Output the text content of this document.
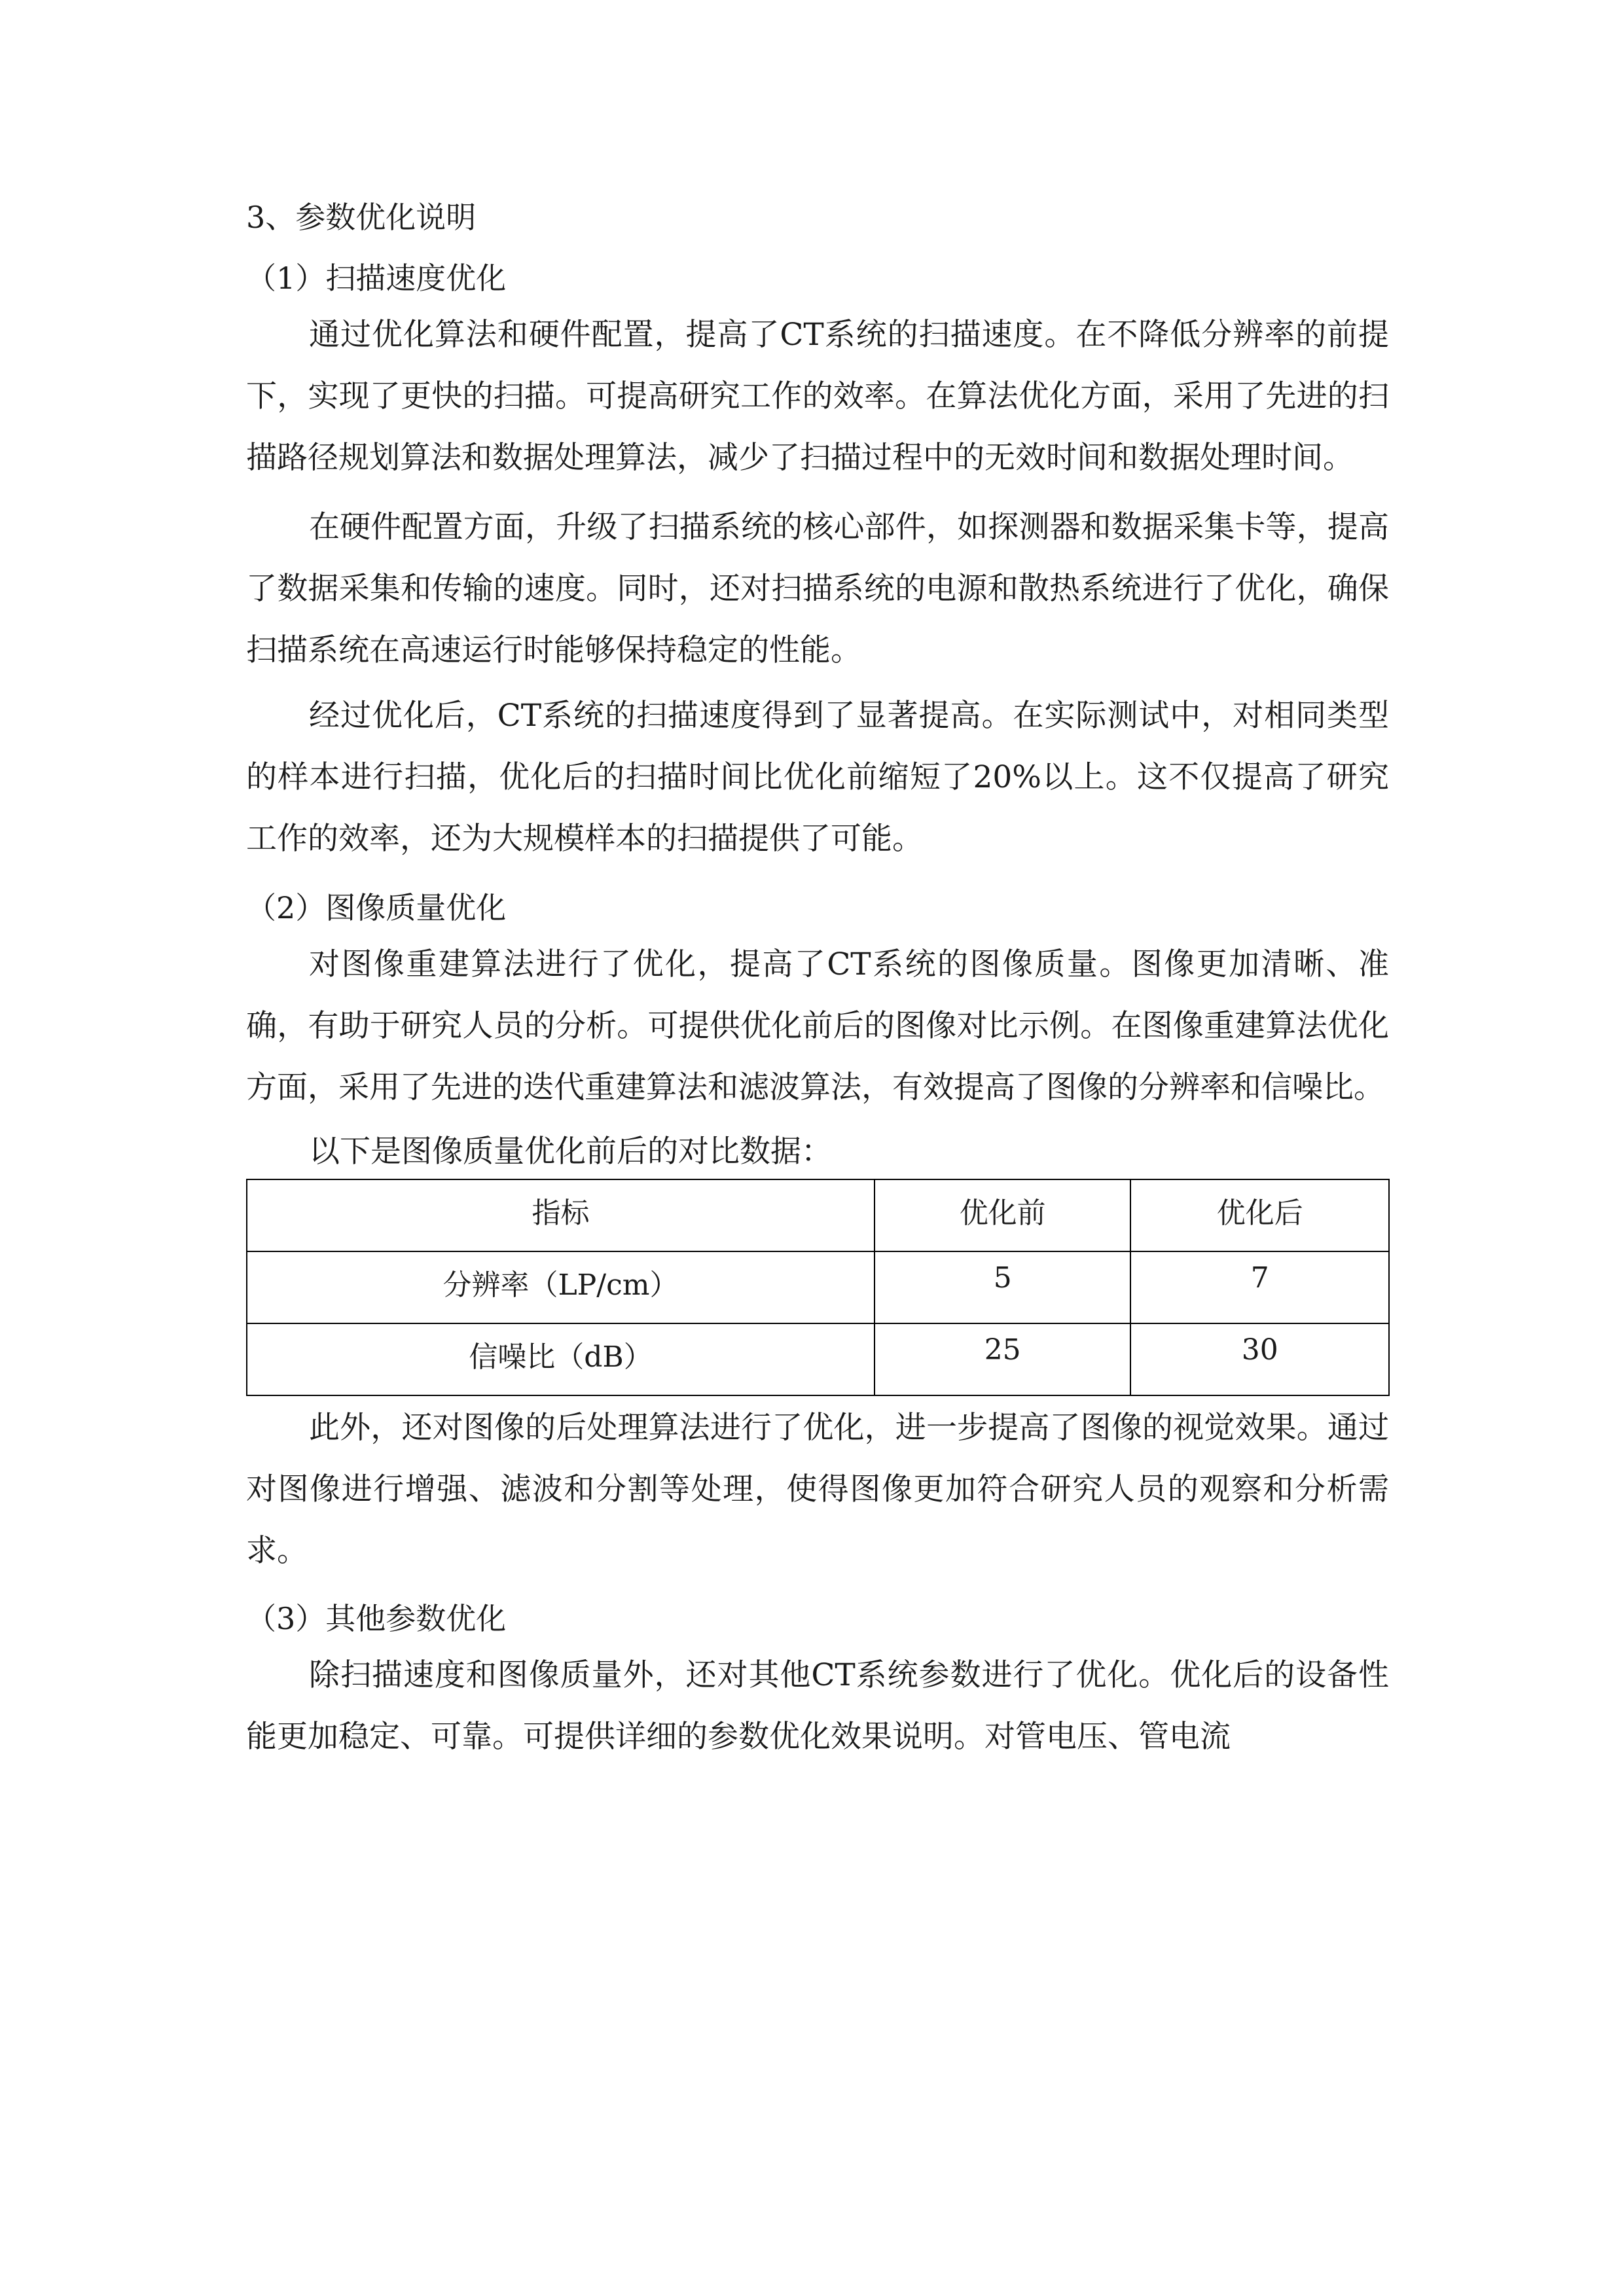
3、参数优化说明

（1）扫描速度优化

通过优化算法和硬件配置，提高了CT系统的扫描速度。在不降低分辨率的前提下，实现了更快的扫描。可提高研究工作的效率。在算法优化方面，采用了先进的扫描路径规划算法和数据处理算法，减少了扫描过程中的无效时间和数据处理时间。

在硬件配置方面，升级了扫描系统的核心部件，如探测器和数据采集卡等，提高了数据采集和传输的速度。同时，还对扫描系统的电源和散热系统进行了优化，确保扫描系统在高速运行时能够保持稳定的性能。

经过优化后，CT系统的扫描速度得到了显著提高。在实际测试中，对相同类型的样本进行扫描，优化后的扫描时间比优化前缩短了20%以上。这不仅提高了研究工作的效率，还为大规模样本的扫描提供了可能。

（2）图像质量优化

对图像重建算法进行了优化，提高了CT系统的图像质量。图像更加清晰、准确，有助于研究人员的分析。可提供优化前后的图像对比示例。在图像重建算法优化方面，采用了先进的迭代重建算法和滤波算法，有效提高了图像的分辨率和信噪比。

以下是图像质量优化前后的对比数据：

指标	优化前	优化后
分辨率（LP/cm）	5	7
信噪比（dB）	25	30

此外，还对图像的后处理算法进行了优化，进一步提高了图像的视觉效果。通过对图像进行增强、滤波和分割等处理，使得图像更加符合研究人员的观察和分析需求。

（3）其他参数优化

除扫描速度和图像质量外，还对其他CT系统参数进行了优化。优化后的设备性能更加稳定、可靠。可提供详细的参数优化效果说明。对管电压、管电流
